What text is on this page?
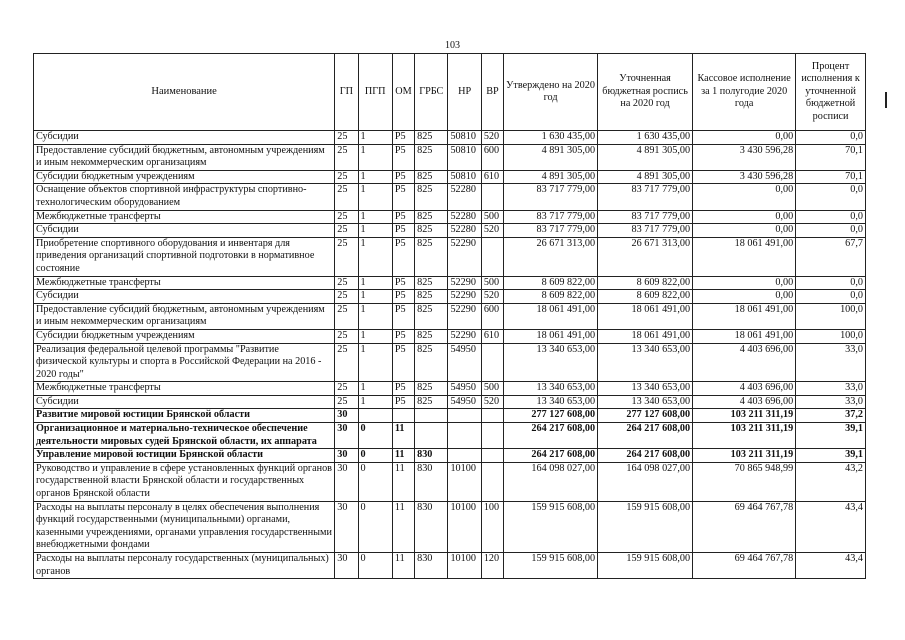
103
Наименование	ГП	ПГП	ОМ	ГРБС	НР	ВР	Утверждено на 2020 год	Уточненная бюджетная роспись на 2020 год	Кассовое исполнение за 1 полугодие 2020 года	Процент исполнения к уточненной бюджетной росписи
Субсидии	25	1	P5	825	50810	520	1 630 435,00	1 630 435,00	0,00	0,0
Предоставление субсидий бюджетным, автономным учреждениям и иным некоммерческим организациям	25	1	P5	825	50810	600	4 891 305,00	4 891 305,00	3 430 596,28	70,1
Субсидии бюджетным учреждениям	25	1	P5	825	50810	610	4 891 305,00	4 891 305,00	3 430 596,28	70,1
Оснащение объектов спортивной инфраструктуры спортивно-технологическим оборудованием	25	1	P5	825	52280		83 717 779,00	83 717 779,00	0,00	0,0
Межбюджетные трансферты	25	1	P5	825	52280	500	83 717 779,00	83 717 779,00	0,00	0,0
Субсидии	25	1	P5	825	52280	520	83 717 779,00	83 717 779,00	0,00	0,0
Приобретение спортивного оборудования и инвентаря для приведения организаций спортивной подготовки в нормативное состояние	25	1	P5	825	52290		26 671 313,00	26 671 313,00	18 061 491,00	67,7
Межбюджетные трансферты	25	1	P5	825	52290	500	8 609 822,00	8 609 822,00	0,00	0,0
Субсидии	25	1	P5	825	52290	520	8 609 822,00	8 609 822,00	0,00	0,0
Предоставление субсидий бюджетным, автономным учреждениям и иным некоммерческим организациям	25	1	P5	825	52290	600	18 061 491,00	18 061 491,00	18 061 491,00	100,0
Субсидии бюджетным учреждениям	25	1	P5	825	52290	610	18 061 491,00	18 061 491,00	18 061 491,00	100,0
Реализация федеральной целевой программы "Развитие физической культуры и спорта в Российской Федерации на 2016 - 2020 годы"	25	1	P5	825	54950		13 340 653,00	13 340 653,00	4 403 696,00	33,0
Межбюджетные трансферты	25	1	P5	825	54950	500	13 340 653,00	13 340 653,00	4 403 696,00	33,0
Субсидии	25	1	P5	825	54950	520	13 340 653,00	13 340 653,00	4 403 696,00	33,0
Развитие мировой юстиции Брянской области	30						277 127 608,00	277 127 608,00	103 211 311,19	37,2
Организационное и материально-техническое обеспечение деятельности мировых судей Брянской области, их аппарата	30	0	11				264 217 608,00	264 217 608,00	103 211 311,19	39,1
Управление мировой юстиции Брянской области	30	0	11	830			264 217 608,00	264 217 608,00	103 211 311,19	39,1
Руководство и управление в сфере установленных функций органов государственной власти Брянской области и государственных органов Брянской области	30	0	11	830	10100		164 098 027,00	164 098 027,00	70 865 948,99	43,2
Расходы на выплаты персоналу в целях обеспечения выполнения функций государственными (муниципальными) органами, казенными учреждениями, органами управления государственными внебюджетными фондами	30	0	11	830	10100	100	159 915 608,00	159 915 608,00	69 464 767,78	43,4
Расходы на выплаты персоналу государственных (муниципальных) органов	30	0	11	830	10100	120	159 915 608,00	159 915 608,00	69 464 767,78	43,4
